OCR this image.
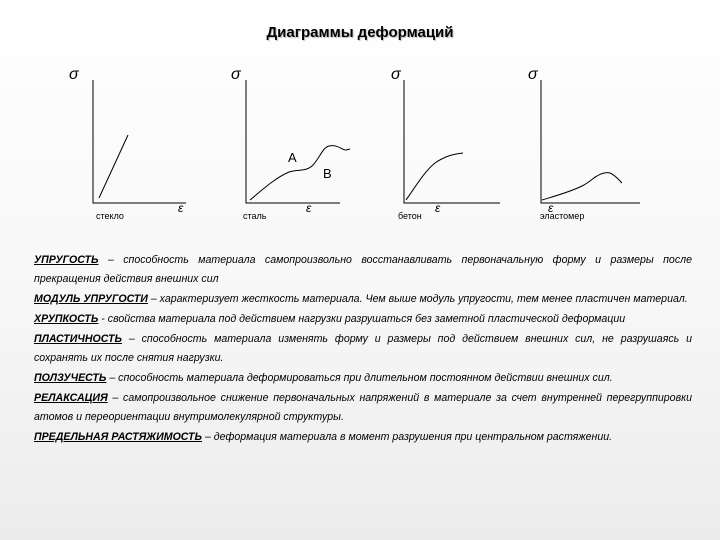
Диаграммы деформаций
σ
ε
σ
ε
σ
ε
σ
ε
A
B
стекло	сталь	бетон	эластомер

УПРУГОСТЬ – способность материала самопроизвольно восстанавливать первоначальную форму и размеры после прекращения действия внешних сил

МОДУЛЬ УПРУГОСТИ – характеризует жесткость материала. Чем выше модуль упругости, тем менее пластичен материал.

ХРУПКОСТЬ - свойства материала под действием нагрузки разрушаться без заметной пластической деформации

ПЛАСТИЧНОСТЬ – способность материала изменять форму и размеры под действием внешних сил, не разрушаясь и сохранять их после снятия нагрузки.

ПОЛЗУЧЕСТЬ – способность материала деформироваться при длительном постоянном действии внешних сил.

РЕЛАКСАЦИЯ – самопроизвольное снижение первоначальных напряжений в материале за счет внутренней перегруппировки атомов и переориентации внутримолекулярной структуры.

ПРЕДЕЛЬНАЯ РАСТЯЖИМОСТЬ – деформация материала в момент разрушения при центральном растяжении.
